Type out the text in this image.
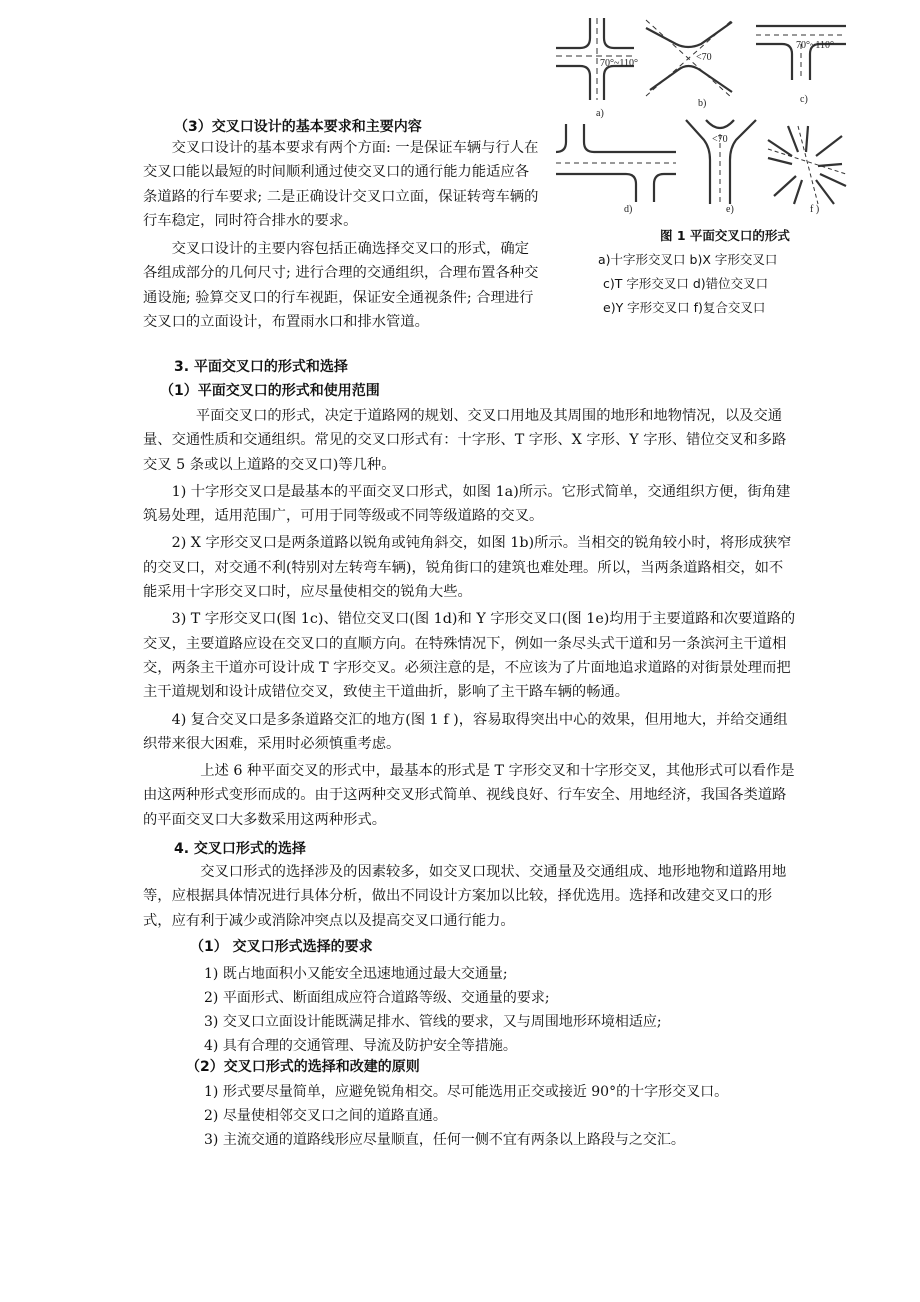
70°~110°
<70
70°~110°
<70
a)
b)	c)
d)	e)	f )
图 1 平面交叉口的形式
a)十字形交叉口 b)X 字形交叉口
c)T 字形交叉口 d)错位交叉口
e)Y 字形交叉口 f)复合交叉口
（3）交叉口设计的基本要求和主要内容

交叉口设计的基本要求有两个方面: 一是保证车辆与行人在交叉口能以最短的时间顺利通过使交叉口的通行能力能适应各条道路的行车要求; 二是正确设计交叉口立面，保证转弯车辆的行车稳定，同时符合排水的要求。

交叉口设计的主要内容包括正确选择交叉口的形式，确定各组成部分的几何尺寸; 进行合理的交通组织，合理布置各种交通设施; 验算交叉口的行车视距，保证安全通视条件; 合理进行交叉口的立面设计，布置雨水口和排水管道。

3. 平面交叉口的形式和选择
（1）平面交叉口的形式和使用范围

平面交叉口的形式，决定于道路网的规划、交叉口用地及其周围的地形和地物情况，以及交通量、交通性质和交通组织。常见的交叉口形式有：十字形、T 字形、X 字形、Y 字形、错位交叉和多路交叉 5 条或以上道路的交叉口)等几种。

1) 十字形交叉口是最基本的平面交叉口形式，如图 1a)所示。它形式简单，交通组织方便，街角建筑易处理，适用范围广，可用于同等级或不同等级道路的交叉。

2) X 字形交叉口是两条道路以锐角或钝角斜交，如图 1b)所示。当相交的锐角较小时，将形成狭窄的交叉口，对交通不利(特别对左转弯车辆)，锐角街口的建筑也难处理。所以，当两条道路相交，如不能采用十字形交叉口时，应尽量使相交的锐角大些。

3) T 字形交叉口(图 1c)、错位交叉口(图 1d)和 Y 字形交叉口(图 1e)均用于主要道路和次要道路的交叉，主要道路应设在交叉口的直顺方向。在特殊情况下，例如一条尽头式干道和另一条滨河主干道相交，两条主干道亦可设计成 T 字形交叉。必须注意的是，不应该为了片面地追求道路的对街景处理而把主干道规划和设计成错位交叉，致使主干道曲折，影响了主干路车辆的畅通。

4) 复合交叉口是多条道路交汇的地方(图 1 f )，容易取得突出中心的效果，但用地大，并给交通组织带来很大困难，采用时必须慎重考虑。

上述 6 种平面交叉的形式中，最基本的形式是 T 字形交叉和十字形交叉，其他形式可以看作是由这两种形式变形而成的。由于这两种交叉形式简单、视线良好、行车安全、用地经济，我国各类道路的平面交叉口大多数采用这两种形式。

4. 交叉口形式的选择

交叉口形式的选择涉及的因素较多，如交叉口现状、交通量及交通组成、地形地物和道路用地等，应根据具体情况进行具体分析，做出不同设计方案加以比较，择优选用。选择和改建交叉口的形式，应有利于减少或消除冲突点以及提高交叉口通行能力。

（1） 交叉口形式选择的要求
1) 既占地面积小又能安全迅速地通过最大交通量;
2) 平面形式、断面组成应符合道路等级、交通量的要求;
3) 交叉口立面设计能既满足排水、管线的要求，又与周围地形环境相适应;
4) 具有合理的交通管理、导流及防护安全等措施。
（2）交叉口形式的选择和改建的原则
1) 形式要尽量简单，应避免锐角相交。尽可能选用正交或接近 90°的十字形交叉口。
2) 尽量使相邻交叉口之间的道路直通。
3) 主流交通的道路线形应尽量顺直，任何一侧不宜有两条以上路段与之交汇。
